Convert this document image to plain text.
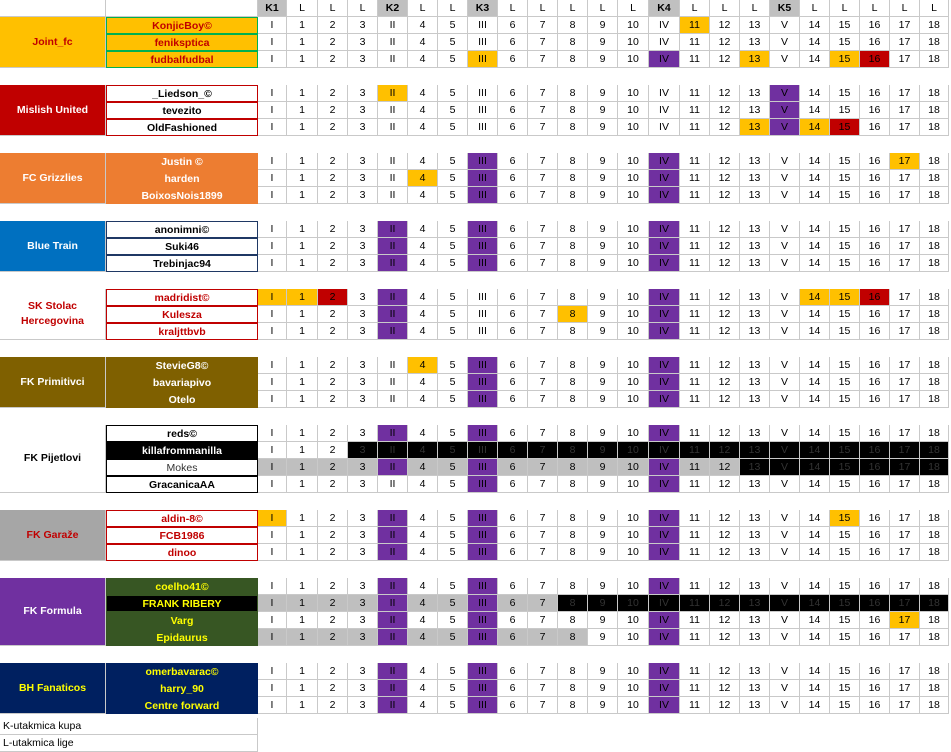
K1	L	L	L	K2	L	L	K3	L	L	L	L	L	K4	L	L	L	K5	L	L	L	L	L
Joint_fc
KonjicBoy©	I	1	2	3	II	4	5	III	6	7	8	9	10	IV	11	12	13	V	14	15	16	17	18
feniksptica	I	1	2	3	II	4	5	III	6	7	8	9	10	IV	11	12	13	V	14	15	16	17	18
fudbalfudbal	I	1	2	3	II	4	5	III	6	7	8	9	10	IV	11	12	13	V	14	15	16	17	18
Mislish United
_Liedson_©	I	1	2	3	II	4	5	III	6	7	8	9	10	IV	11	12	13	V	14	15	16	17	18
tevezito	I	1	2	3	II	4	5	III	6	7	8	9	10	IV	11	12	13	V	14	15	16	17	18
OldFashioned	I	1	2	3	II	4	5	III	6	7	8	9	10	IV	11	12	13	V	14	15	16	17	18
FC Grizzlies
Justin ©	I	1	2	3	II	4	5	III	6	7	8	9	10	IV	11	12	13	V	14	15	16	17	18
harden	I	1	2	3	II	4	5	III	6	7	8	9	10	IV	11	12	13	V	14	15	16	17	18
BoixosNois1899	I	1	2	3	II	4	5	III	6	7	8	9	10	IV	11	12	13	V	14	15	16	17	18
Blue Train
anonimni©	I	1	2	3	II	4	5	III	6	7	8	9	10	IV	11	12	13	V	14	15	16	17	18
Suki46	I	1	2	3	II	4	5	III	6	7	8	9	10	IV	11	12	13	V	14	15	16	17	18
Trebinjac94	I	1	2	3	II	4	5	III	6	7	8	9	10	IV	11	12	13	V	14	15	16	17	18
SK Stolac Hercegovina
madridist©	I	1	2	3	II	4	5	III	6	7	8	9	10	IV	11	12	13	V	14	15	16	17	18
Kulesza	I	1	2	3	II	4	5	III	6	7	8	9	10	IV	11	12	13	V	14	15	16	17	18
kraljttbvb	I	1	2	3	II	4	5	III	6	7	8	9	10	IV	11	12	13	V	14	15	16	17	18
FK Primitivci
StevieG8©	I	1	2	3	II	4	5	III	6	7	8	9	10	IV	11	12	13	V	14	15	16	17	18
bavariapivo	I	1	2	3	II	4	5	III	6	7	8	9	10	IV	11	12	13	V	14	15	16	17	18
Otelo	I	1	2	3	II	4	5	III	6	7	8	9	10	IV	11	12	13	V	14	15	16	17	18
FK Pijetlovi
reds©	I	1	2	3	II	4	5	III	6	7	8	9	10	IV	11	12	13	V	14	15	16	17	18
killafrommanilla	I	1	2	3	II	4	5	III	6	7	8	9	10	IV	11	12	13	V	14	15	16	17	18
Mokes	I	1	2	3	II	4	5	III	6	7	8	9	10	IV	11	12	13	V	14	15	16	17	18
GracanicaAA	I	1	2	3	II	4	5	III	6	7	8	9	10	IV	11	12	13	V	14	15	16	17	18
FK Garaže
aldin-8©	I	1	2	3	II	4	5	III	6	7	8	9	10	IV	11	12	13	V	14	15	16	17	18
FCB1986	I	1	2	3	II	4	5	III	6	7	8	9	10	IV	11	12	13	V	14	15	16	17	18
dinoo	I	1	2	3	II	4	5	III	6	7	8	9	10	IV	11	12	13	V	14	15	16	17	18
FK Formula
coelho41©	I	1	2	3	II	4	5	III	6	7	8	9	10	IV	11	12	13	V	14	15	16	17	18
FRANK RIBERY	I	1	2	3	II	4	5	III	6	7	8	9	10	IV	11	12	13	V	14	15	16	17	18
Varg	I	1	2	3	II	4	5	III	6	7	8	9	10	IV	11	12	13	V	14	15	16	17	18
Epidaurus	I	1	2	3	II	4	5	III	6	7	8	9	10	IV	11	12	13	V	14	15	16	17	18
BH Fanaticos
omerbavarac©	I	1	2	3	II	4	5	III	6	7	8	9	10	IV	11	12	13	V	14	15	16	17	18
harry_90	I	1	2	3	II	4	5	III	6	7	8	9	10	IV	11	12	13	V	14	15	16	17	18
Centre forward	I	1	2	3	II	4	5	III	6	7	8	9	10	IV	11	12	13	V	14	15	16	17	18
K-utakmica kupa
L-utakmica lige
